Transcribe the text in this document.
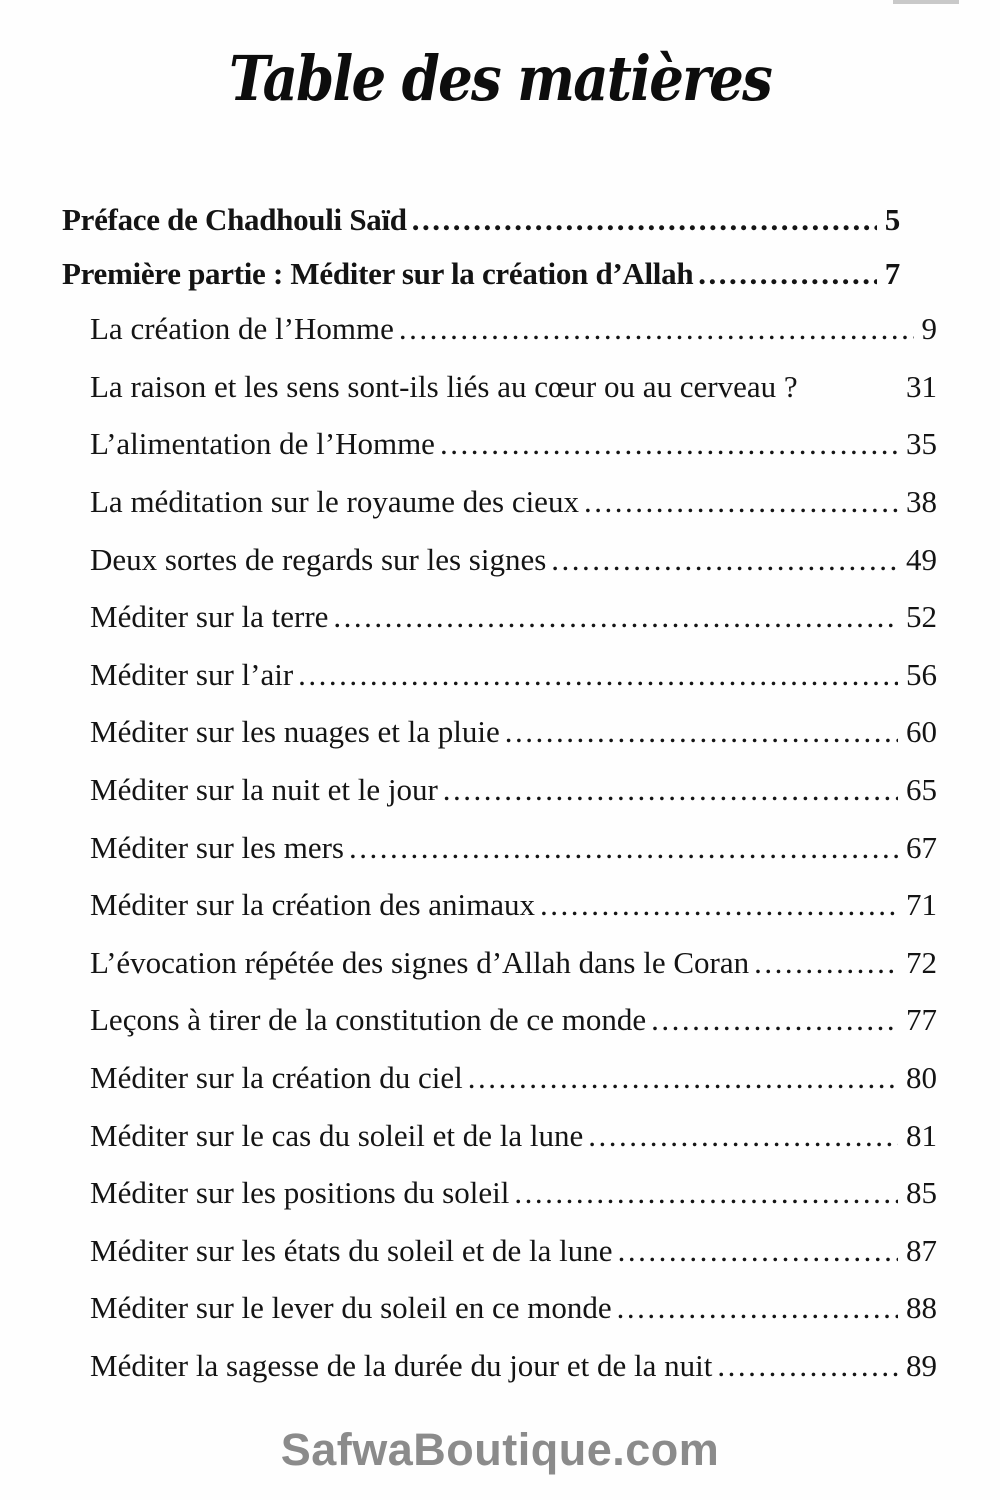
Table des matières
Préface de Chadhouli Saïd .....	5
Première partie : Méditer sur la création d’Allah .....	7
La création de l’Homme .....	9
La raison et les sens sont-ils liés au cœur ou au cerveau ?	31
L’alimentation de l’Homme .....	35
La méditation sur le royaume des cieux .....	38
Deux sortes de regards sur les signes .....	49
Méditer sur la terre .....	52
Méditer sur l’air .....	56
Méditer sur les nuages et la pluie .....	60
Méditer sur la nuit et le jour .....	65
Méditer sur les mers .....	67
Méditer sur la création des animaux .....	71
L’évocation répétée des signes d’Allah dans le Coran .....	72
Leçons à tirer de la constitution de ce monde .....	77
Méditer sur la création du ciel .....	80
Méditer sur le cas du soleil et de la lune .....	81
Méditer sur les positions du soleil .....	85
Méditer sur les états du soleil et de la lune .....	87
Méditer sur le lever du soleil en ce monde .....	88
Méditer la sagesse de la durée du jour et de la nuit .....	89
SafwaBoutique.com
